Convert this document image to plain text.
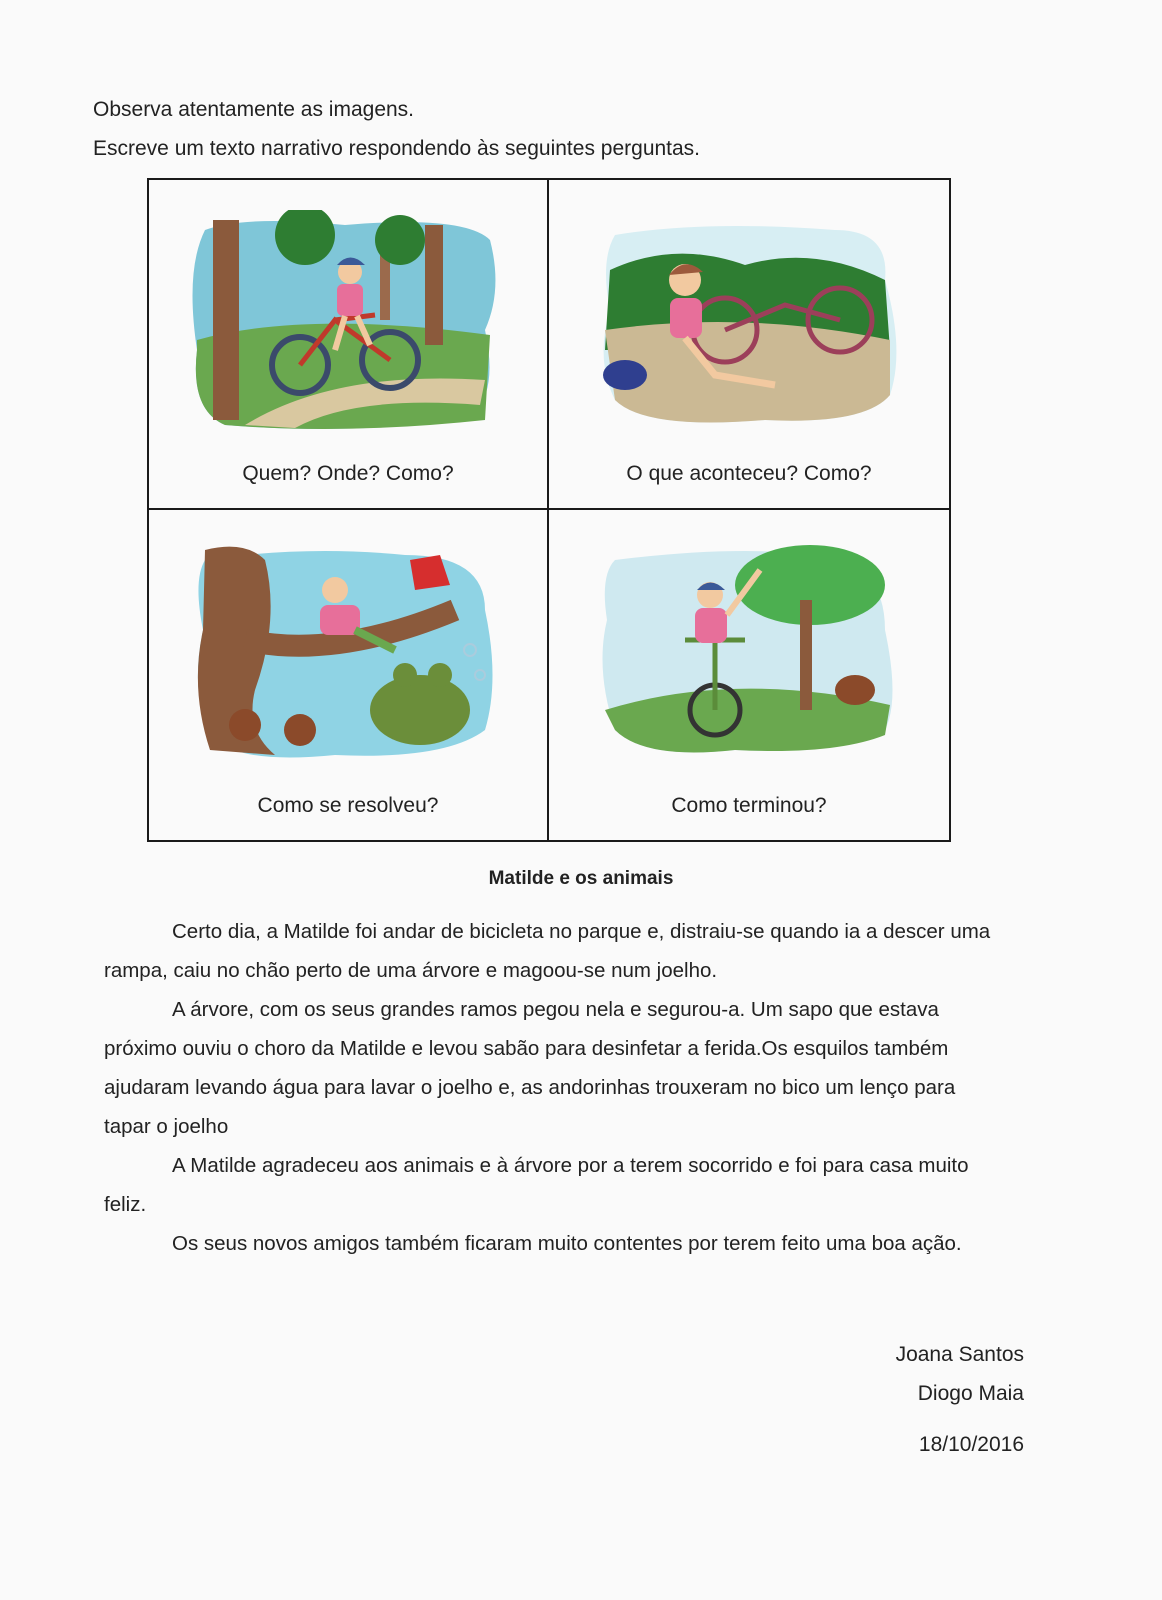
Observa atentamente as imagens.
Escreve um texto narrativo respondendo às seguintes perguntas.
Quem? Onde? Como?	O que aconteceu? Como?
Como se resolveu?	Como terminou?
Matilde e os animais

Certo dia, a Matilde foi andar de bicicleta no parque e, distraiu-se quando ia a descer uma rampa, caiu no chão perto de uma árvore e magoou-se num joelho.

A árvore, com os seus grandes ramos pegou nela e segurou-a. Um sapo que estava próximo ouviu o choro da Matilde e levou sabão para desinfetar a ferida.Os esquilos também ajudaram levando água para lavar o joelho e, as andorinhas trouxeram no bico um lenço para tapar o joelho

A Matilde agradeceu aos animais e à árvore por a terem socorrido e foi para casa muito feliz.

Os seus novos amigos também ficaram muito contentes por terem feito uma boa ação.

Joana Santos
Diogo Maia
18/10/2016
